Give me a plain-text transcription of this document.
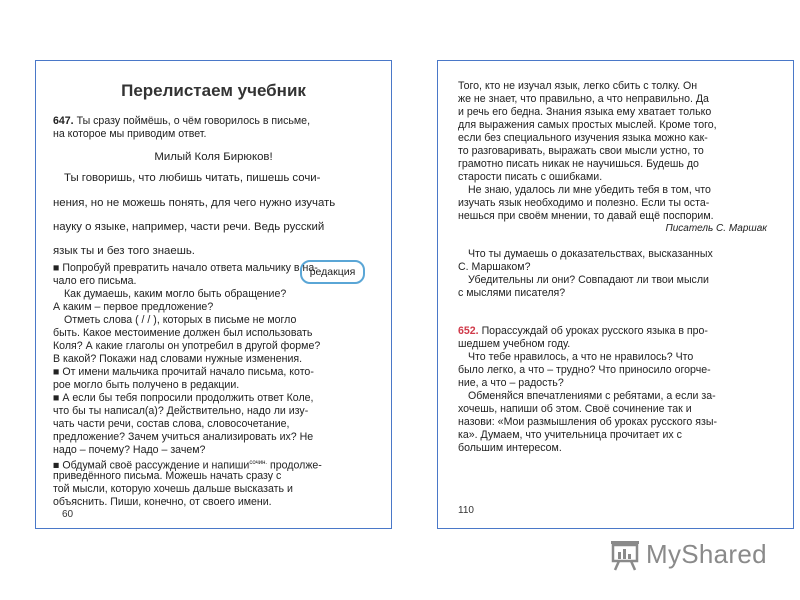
Перелистаем учебник
647. Ты сразу поймёшь, о чём говорилось в письме,
на которое мы приводим ответ.
Милый Коля Бирюков!
Ты говоришь, что любишь читать, пишешь сочи-
нения, но не можешь понять, для чего нужно изучать
науку о языке, например, части речи. Ведь русский
язык ты и без того знаешь.
редакция
■ Попробуй превратить начало ответа мальчику в на-
чало его письма.
Как думаешь, каким могло быть обращение?
А каким – первое предложение?
Отметь слова ( / / ), которых в письме не могло
быть. Какое местоимение должен был использовать
Коля? А какие глаголы он употребил в другой форме?
В какой? Покажи над словами нужные изменения.
■ От имени мальчика прочитай начало письма, кото-
рое могло быть получено в редакции.
■ А если бы тебя попросили продолжить ответ Коле,
что бы ты написал(а)? Действительно, надо ли изу-
чать части речи, состав слова, словосочетание,
предложение? Зачем учиться анализировать их? Не
надо – почему? Надо – зачем?
■ Обдумай своё рассуждение и напиши$^{сочин.}$ продолже-
приведённого письма. Можешь начать сразу с
той мысли, которую хочешь дальше высказать и
объяснить. Пиши, конечно, от своего имени.
60
Того, кто не изучал язык, легко сбить с толку. Он
же не знает, что правильно, а что неправильно. Да
и речь его бедна. Знания языка ему хватает только
для выражения самых простых мыслей. Кроме того,
если без специального изучения языка можно как-
то разговаривать, выражать свои мысли устно, то
грамотно писать никак не научишься. Будешь до
старости писать с ошибками.
Не знаю, удалось ли мне убедить тебя в том, что
изучать язык необходимо и полезно. Если ты оста-
нешься при своём мнении, то давай ещё поспорим.
Писатель С. Маршак
Что ты думаешь о доказательствах, высказанных
С. Маршаком?
Убедительны ли они? Совпадают ли твои мысли
с мыслями писателя?
652. Порассуждай об уроках русского языка в про-
шедшем учебном году.
Что тебе нравилось, а что не нравилось? Что
было легко, а что – трудно? Что приносило огорче-
ние, а что – радость?
Обменяйся впечатлениями с ребятами, а если за-
хочешь, напиши об этом. Своё сочинение так и
назови: «Мои размышления об уроках русского язы-
ка». Думаем, что учительница прочитает их с
большим интересом.
110
MyShared
